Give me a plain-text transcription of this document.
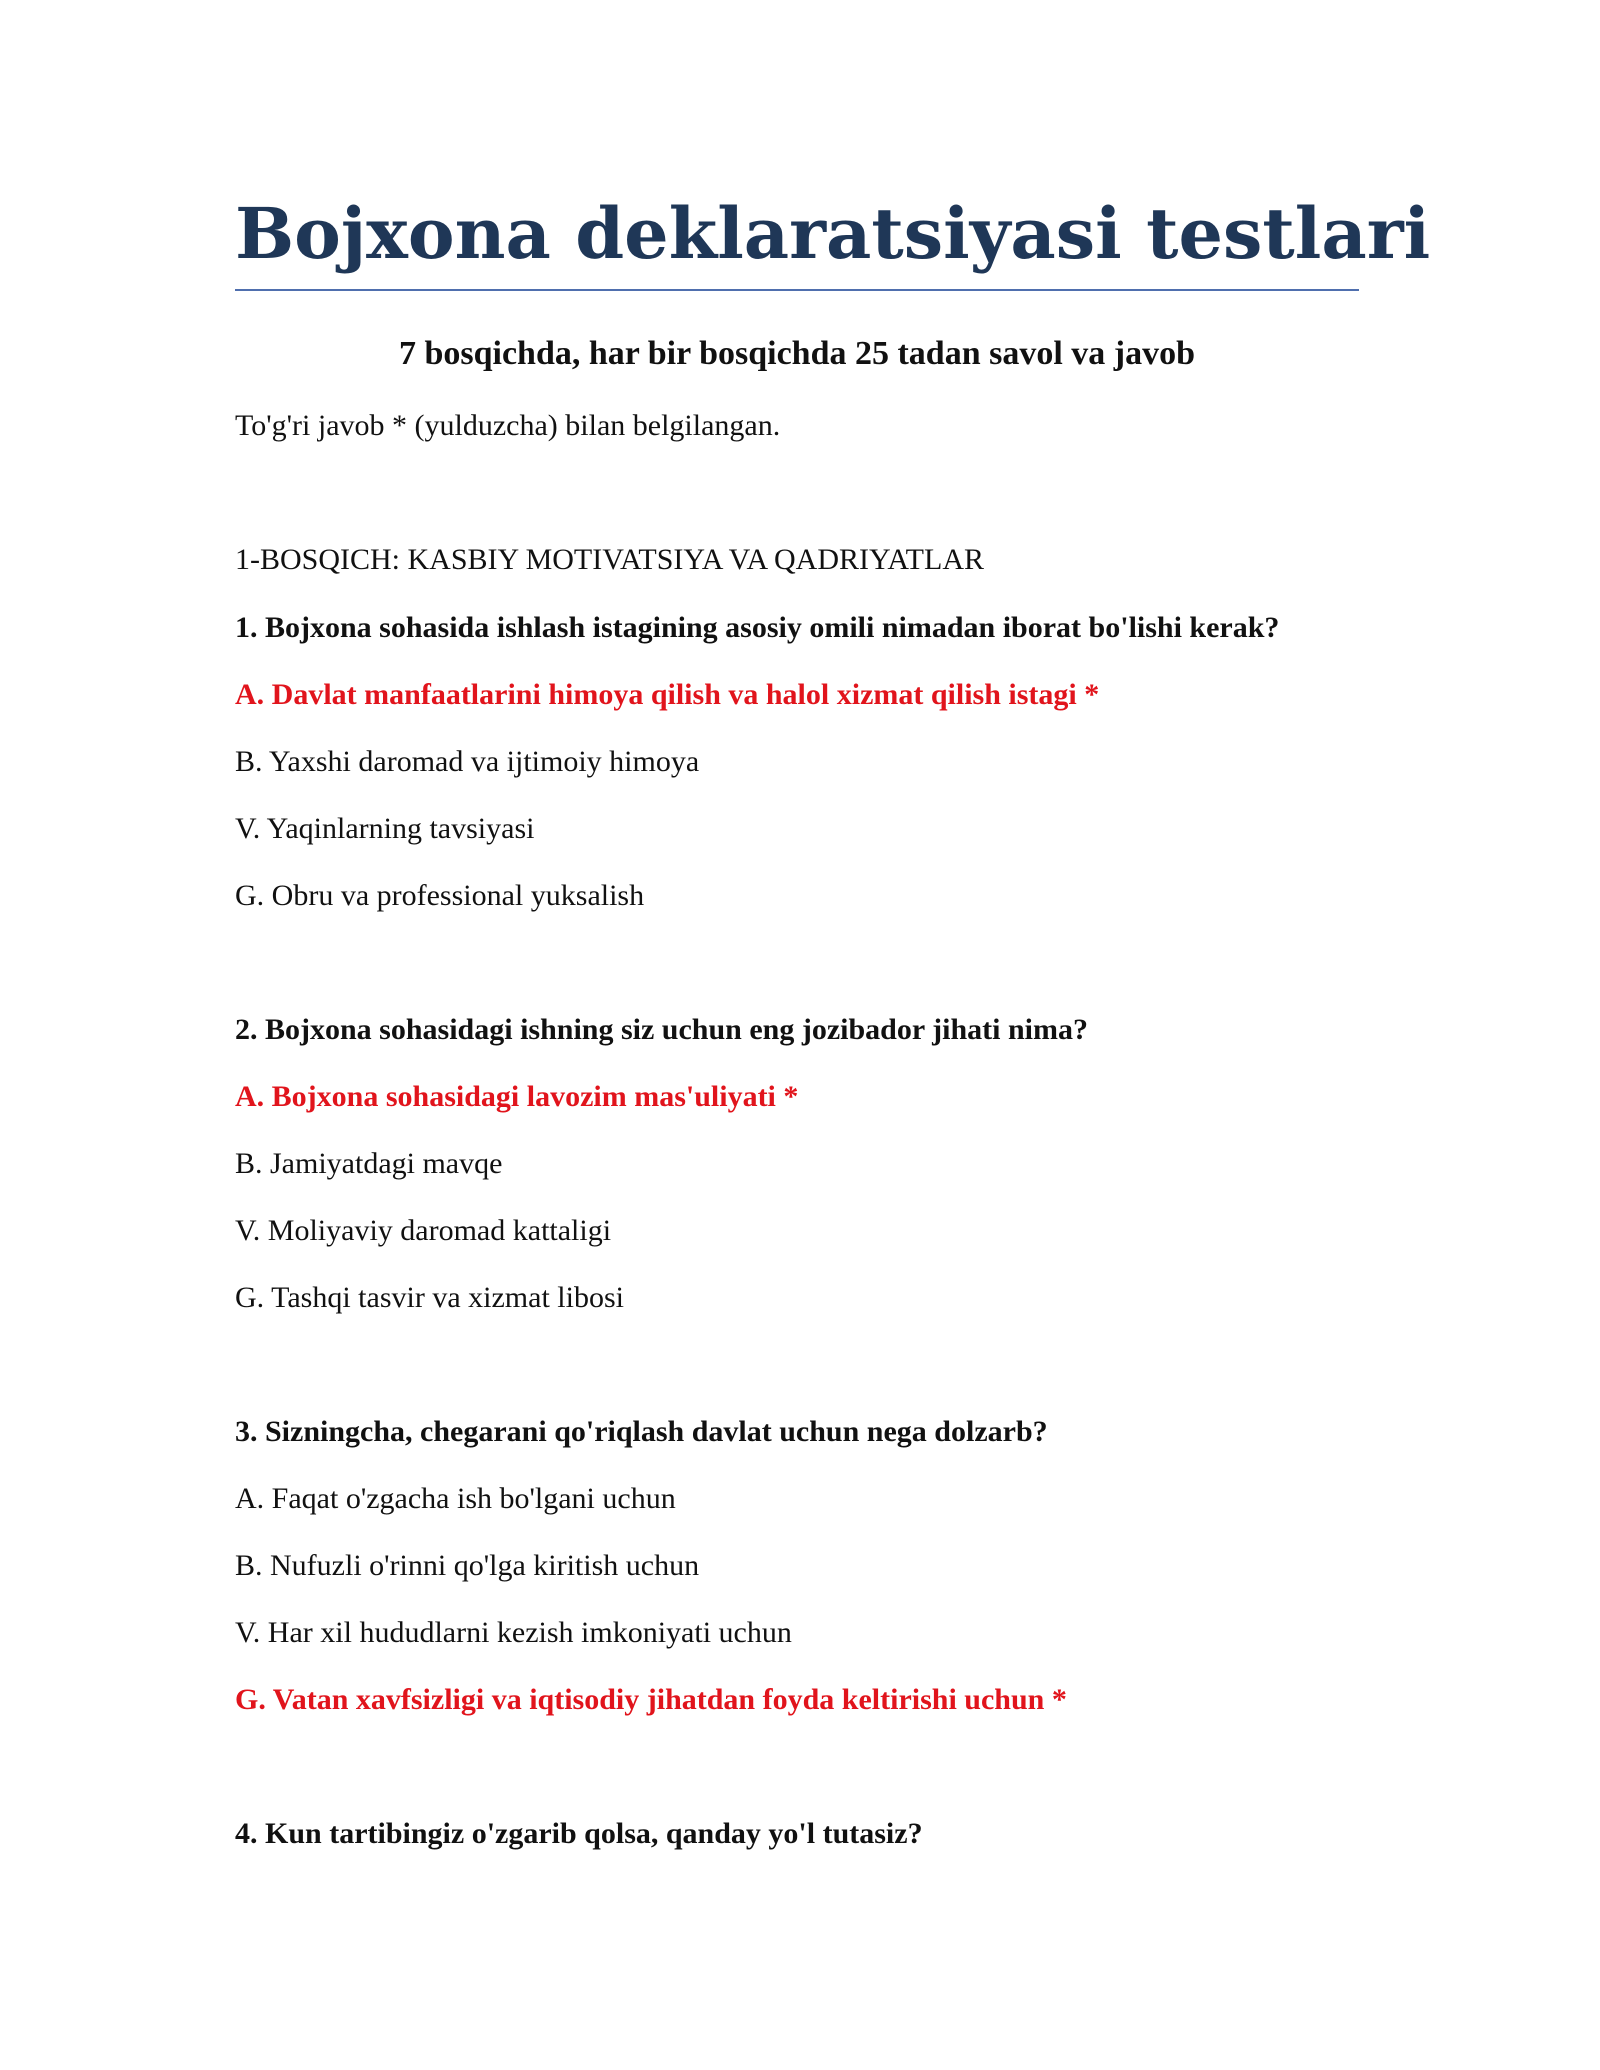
Bojxona deklaratsiyasi testlari

7 bosqichda, har bir bosqichda 25 tadan savol va javob

To'g'ri javob * (yulduzcha) bilan belgilangan.

1-BOSQICH: KASBIY MOTIVATSIYA VA QADRIYATLAR

1. Bojxona sohasida ishlash istagining asosiy omili nimadan iborat bo'lishi kerak?

A. Davlat manfaatlarini himoya qilish va halol xizmat qilish istagi *

B. Yaxshi daromad va ijtimoiy himoya

V. Yaqinlarning tavsiyasi

G. Obru va professional yuksalish

2. Bojxona sohasidagi ishning siz uchun eng jozibador jihati nima?

A. Bojxona sohasidagi lavozim mas'uliyati *

B. Jamiyatdagi mavqe

V. Moliyaviy daromad kattaligi

G. Tashqi tasvir va xizmat libosi

3. Sizningcha, chegarani qo'riqlash davlat uchun nega dolzarb?

A. Faqat o'zgacha ish bo'lgani uchun

B. Nufuzli o'rinni qo'lga kiritish uchun

V. Har xil hududlarni kezish imkoniyati uchun

G. Vatan xavfsizligi va iqtisodiy jihatdan foyda keltirishi uchun *

4. Kun tartibingiz o'zgarib qolsa, qanday yo'l tutasiz?
